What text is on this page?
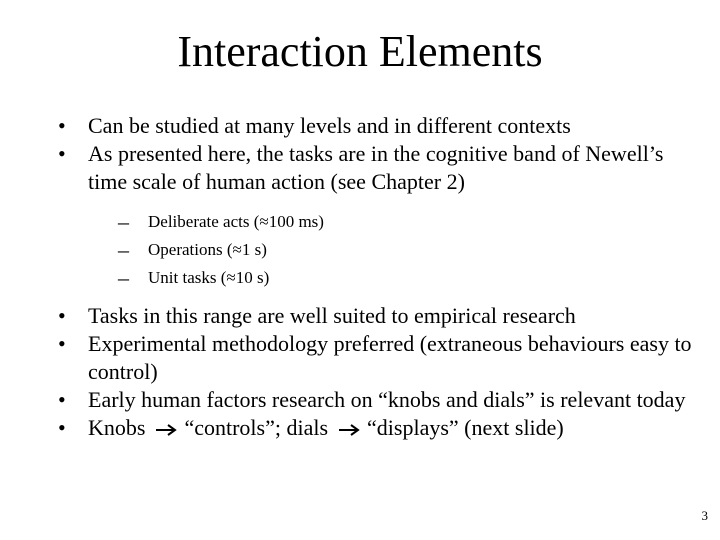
Interaction Elements
• Can be studied at many levels and in different contexts
• As presented here, the tasks are in the cognitive band of Newell’s time scale of human action (see Chapter 2)
– Deliberate acts (≈100 ms)
– Operations (≈1 s)
– Unit tasks (≈10 s)
• Tasks in this range are well suited to empirical research
• Experimental methodology preferred (extraneous behaviours easy to control)
• Early human factors research on “knobs and dials” is relevant today
• Knobs “controls”; dials “displays” (next slide)
3
